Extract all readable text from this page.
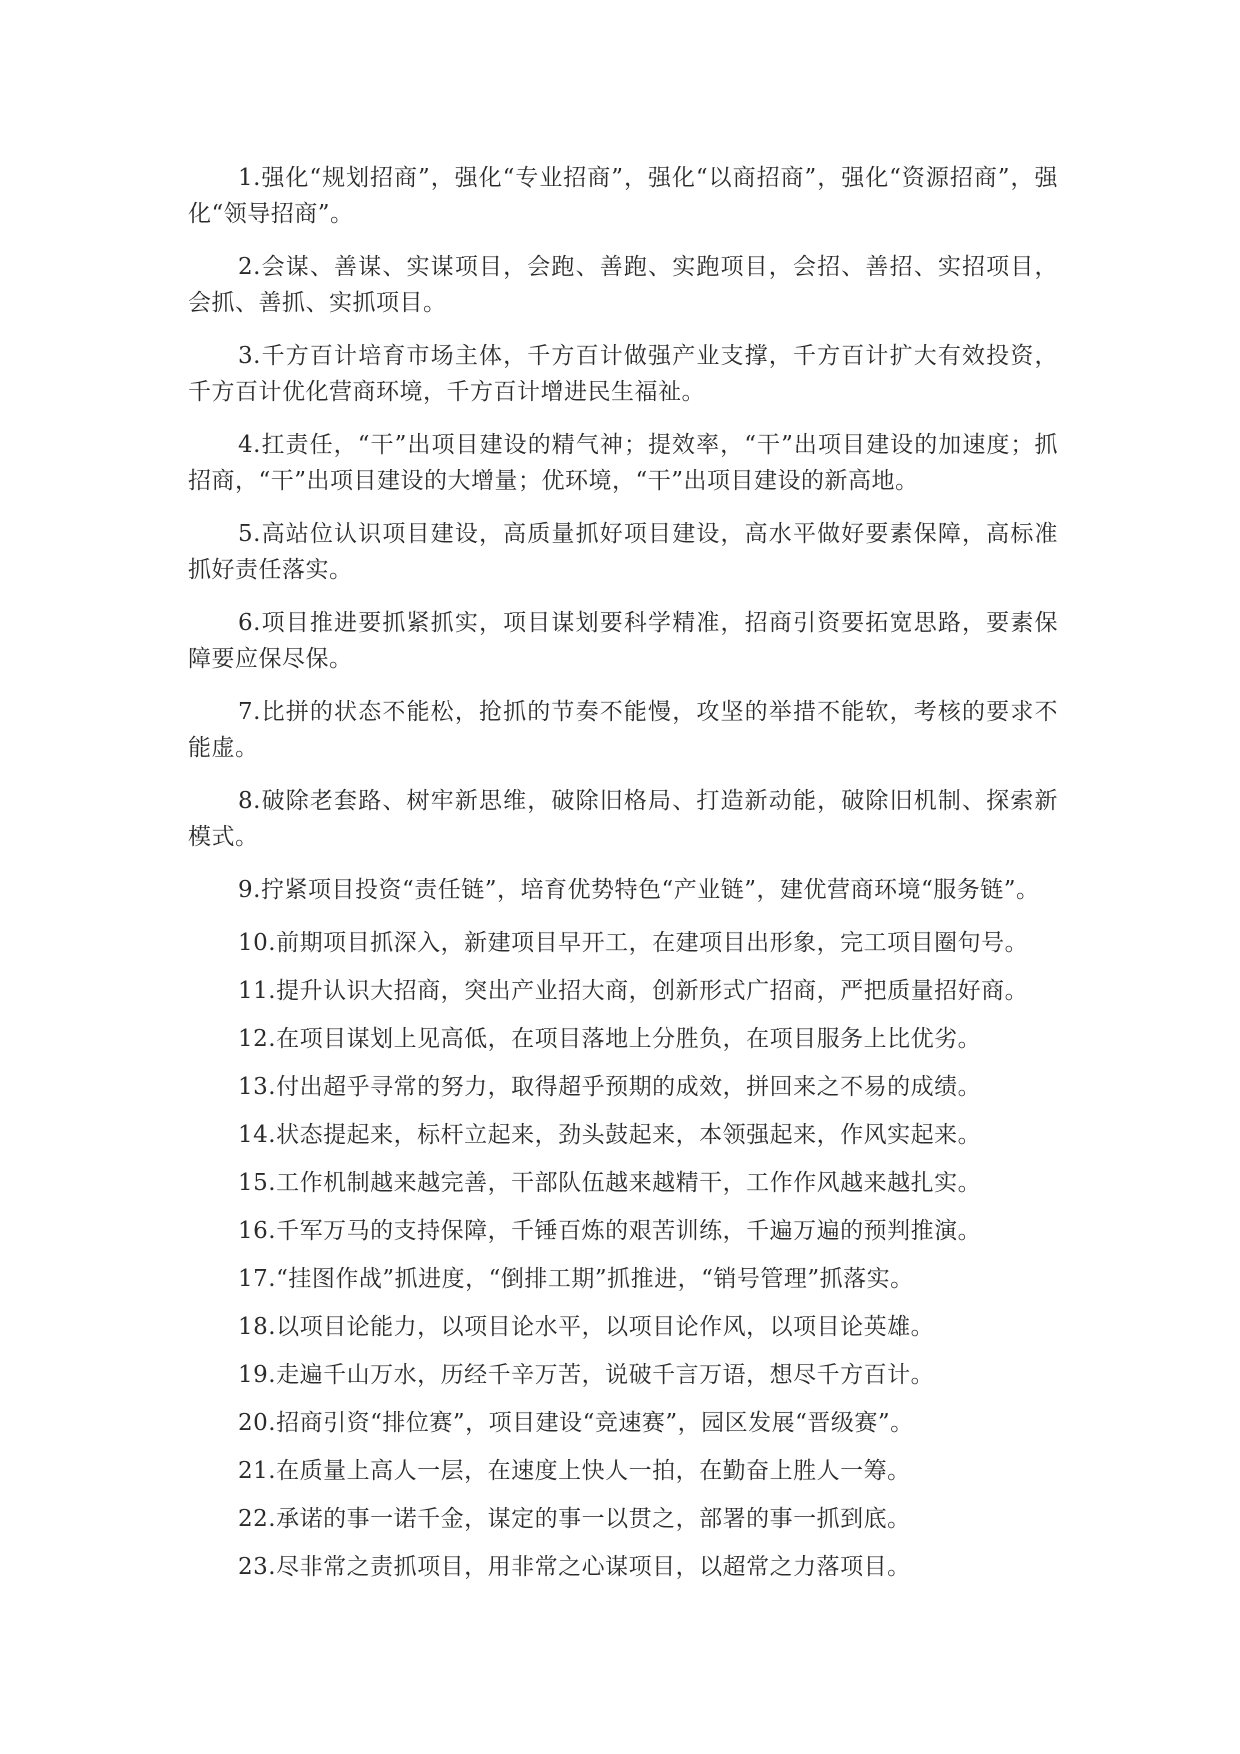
1.强化“规划招商”，强化“专业招商”，强化“以商招商”，强化“资源招商”，强化“领导招商”。

2.会谋、善谋、实谋项目，会跑、善跑、实跑项目，会招、善招、实招项目，会抓、善抓、实抓项目。

3.千方百计培育市场主体，千方百计做强产业支撑，千方百计扩大有效投资，千方百计优化营商环境，千方百计增进民生福祉。

4.扛责任，“干”出项目建设的精气神；提效率，“干”出项目建设的加速度；抓招商，“干”出项目建设的大增量；优环境，“干”出项目建设的新高地。

5.高站位认识项目建设，高质量抓好项目建设，高水平做好要素保障，高标准抓好责任落实。

6.项目推进要抓紧抓实，项目谋划要科学精准，招商引资要拓宽思路，要素保障要应保尽保。

7.比拼的状态不能松，抢抓的节奏不能慢，攻坚的举措不能软，考核的要求不能虚。

8.破除老套路、树牢新思维，破除旧格局、打造新动能，破除旧机制、探索新模式。

9.拧紧项目投资“责任链”，培育优势特色“产业链”，建优营商环境“服务链”。

10.前期项目抓深入，新建项目早开工，在建项目出形象，完工项目圈句号。

11.提升认识大招商，突出产业招大商，创新形式广招商，严把质量招好商。

12.在项目谋划上见高低，在项目落地上分胜负，在项目服务上比优劣。

13.付出超乎寻常的努力，取得超乎预期的成效，拼回来之不易的成绩。

14.状态提起来，标杆立起来，劲头鼓起来，本领强起来，作风实起来。

15.工作机制越来越完善，干部队伍越来越精干，工作作风越来越扎实。

16.千军万马的支持保障，千锤百炼的艰苦训练，千遍万遍的预判推演。

17.“挂图作战”抓进度，“倒排工期”抓推进，“销号管理”抓落实。

18.以项目论能力，以项目论水平，以项目论作风，以项目论英雄。

19.走遍千山万水，历经千辛万苦，说破千言万语，想尽千方百计。

20.招商引资“排位赛”，项目建设“竞速赛”，园区发展“晋级赛”。

21.在质量上高人一层，在速度上快人一拍，在勤奋上胜人一筹。

22.承诺的事一诺千金，谋定的事一以贯之，部署的事一抓到底。

23.尽非常之责抓项目，用非常之心谋项目，以超常之力落项目。
